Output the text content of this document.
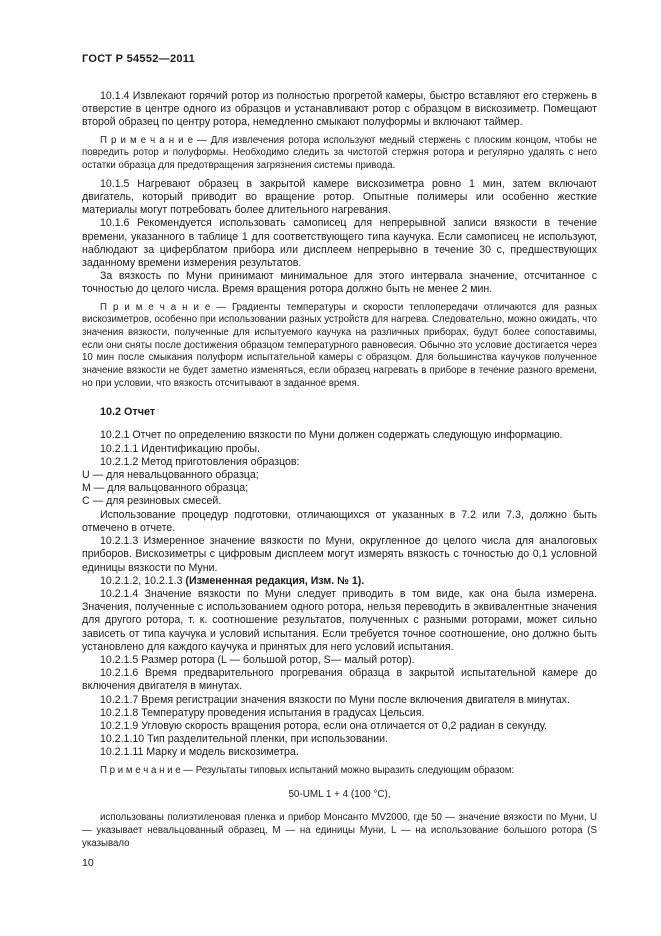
ГОСТ Р 54552—2011

10.1.4 Извлекают горячий ротор из полностью прогретой камеры, быстро вставляют его стержень в отверстие в центре одного из образцов и устанавливают ротор с образцом в вискозиметр. Помещают второй образец по центру ротора, немедленно смыкают полуформы и включают таймер.

П р и м е ч а н и е — Для извлечения ротора используют медный стержень с плоским концом, чтобы не повредить ротор и полуформы. Необходимо следить за чистотой стержня ротора и регулярно удалять с него остатки образца для предотвращения загрязнения системы привода.

10.1.5 Нагревают образец в закрытой камере вискозиметра ровно 1 мин, затем включают двигатель, который приводит во вращение ротор. Опытные полимеры или особенно жесткие материалы могут потребовать более длительного нагревания.

10.1.6 Рекомендуется использовать самописец для непрерывной записи вязкости в течение времени, указанного в таблице 1 для соответствующего типа каучука. Если самописец не используют, наблюдают за циферблатом прибора или дисплеем непрерывно в течение 30 с, предшествующих заданному времени измерения результатов.

За вязкость по Муни принимают минимальное для этого интервала значение, отсчитанное с точностью до целого числа. Время вращения ротора должно быть не менее 2 мин.

П р и м е ч а н и е — Градиенты температуры и скорости теплопередачи отличаются для разных вискозиметров, особенно при использовании разных устройств для нагрева. Следовательно, можно ожидать, что значения вязкости, полученные для испытуемого каучука на различных приборах, будут более сопоставимы, если они сняты после достижения образцом температурного равновесия. Обычно это условие достигается через 10 мин после смыкания полуформ испытательной камеры с образцом. Для большинства каучуков полученное значение вязкости не будет заметно изменяться, если образец нагревать в приборе в течение разного времени, но при условии, что вязкость отсчитывают в заданное время.

10.2 Отчет

10.2.1 Отчет по определению вязкости по Муни должен содержать следующую информацию.

10.2.1.1 Идентификацию пробы.

10.2.1.2 Метод приготовления образцов:

U — для невальцованного образца;

М — для вальцованного образца;

С — для резиновых смесей.

Использование процедур подготовки, отличающихся от указанных в 7.2 или 7.3, должно быть отмечено в отчете.

10.2.1.3 Измеренное значение вязкости по Муни, округленное до целого числа для аналоговых приборов. Вискозиметры с цифровым дисплеем могут измерять вязкость с точностью до 0,1 условной единицы вязкости по Муни.

10.2.1.2, 10.2.1.3 (Измененная редакция, Изм. № 1).

10.2.1.4 Значение вязкости по Муни следует приводить в том виде, как она была измерена. Значения, полученные с использованием одного ротора, нельзя переводить в эквивалентные значения для другого ротора, т. к. соотношение результатов, полученных с разными роторами, может сильно зависеть от типа каучука и условий испытания. Если требуется точное соотношение, оно должно быть установлено для каждого каучука и принятых для него условий испытания.

10.2.1.5 Размер ротора (L — большой ротор, S— малый ротор).

10.2.1.6 Время предварительного прогревания образца в закрытой испытательной камере до включения двигателя в минутах.

10.2.1.7 Время регистрации значения вязкости по Муни после включения двигателя в минутах.

10.2.1.8 Температуру проведения испытания в градусах Цельсия.

10.2.1.9 Угловую скорость вращения ротора, если она отличается от 0,2 радиан в секунду.

10.2.1.10 Тип разделительной пленки, при использовании.

10.2.1.11 Марку и модель вискозиметра.

П р и м е ч а н и е — Результаты типовых испытаний можно выразить следующим образом:

50-UML 1 + 4 (100 °C),

использованы полиэтиленовая пленка и прибор Монсанто MV2000, где 50 — значение вязкости по Муни, U — указывает невальцованный образец, М — на единицы Муни, L — на использование большого ротора (S указывало

10
